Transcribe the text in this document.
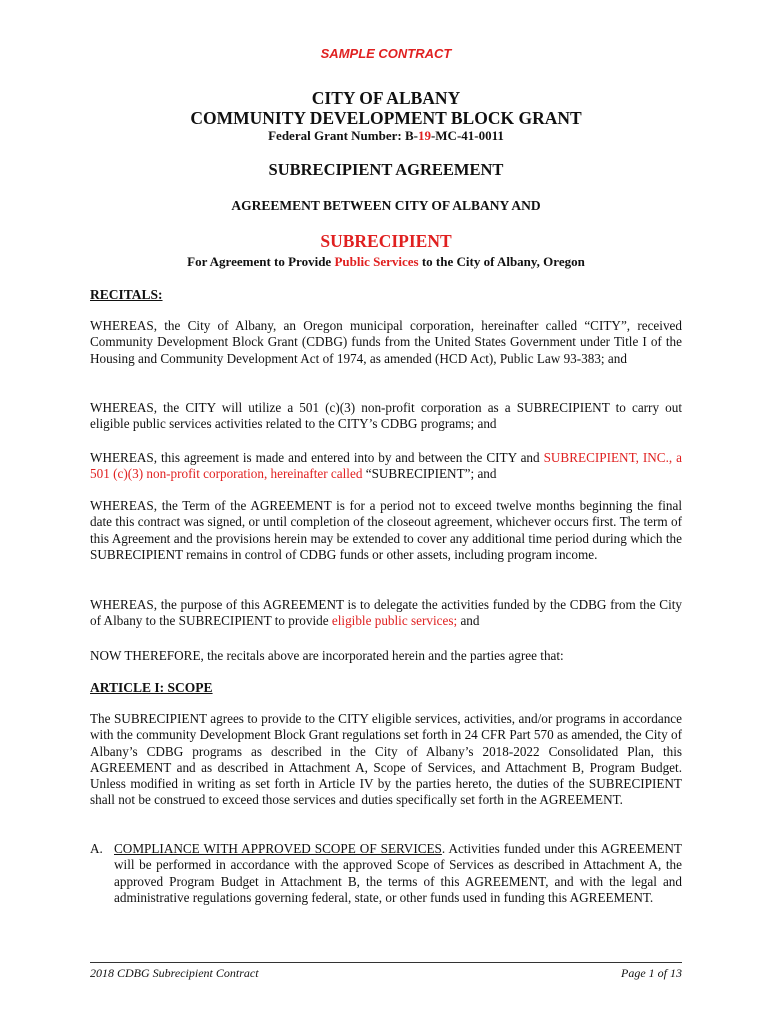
SAMPLE CONTRACT
CITY OF ALBANY
COMMUNITY DEVELOPMENT BLOCK GRANT
Federal Grant Number: B-19-MC-41-0011
SUBRECIPIENT AGREEMENT
AGREEMENT BETWEEN CITY OF ALBANY AND
SUBRECIPIENT
For Agreement to Provide Public Services to the City of Albany, Oregon
RECITALS:

WHEREAS, the City of Albany, an Oregon municipal corporation, hereinafter called “CITY”, received Community Development Block Grant (CDBG) funds from the United States Government under Title I of the Housing and Community Development Act of 1974, as amended (HCD Act), Public Law 93-383; and

WHEREAS, the CITY will utilize a 501 (c)(3) non-profit corporation as a SUBRECIPIENT to carry out eligible public services activities related to the CITY’s CDBG programs; and

WHEREAS, this agreement is made and entered into by and between the CITY and SUBRECIPIENT, INC., a 501 (c)(3) non-profit corporation, hereinafter called “SUBRECIPIENT”; and

WHEREAS, the Term of the AGREEMENT is for a period not to exceed twelve months beginning the final date this contract was signed, or until completion of the closeout agreement, whichever occurs first. The term of this Agreement and the provisions herein may be extended to cover any additional time period during which the SUBRECIPIENT remains in control of CDBG funds or other assets, including program income.

WHEREAS, the purpose of this AGREEMENT is to delegate the activities funded by the CDBG from the City of Albany to the SUBRECIPIENT to provide eligible public services; and

NOW THEREFORE, the recitals above are incorporated herein and the parties agree that:

ARTICLE I: SCOPE

The SUBRECIPIENT agrees to provide to the CITY eligible services, activities, and/or programs in accordance with the community Development Block Grant regulations set forth in 24 CFR Part 570 as amended, the City of Albany’s CDBG programs as described in the City of Albany’s 2018-2022 Consolidated Plan, this AGREEMENT and as described in Attachment A, Scope of Services, and Attachment B, Program Budget. Unless modified in writing as set forth in Article IV by the parties hereto, the duties of the SUBRECIPIENT shall not be construed to exceed those services and duties specifically set forth in the AGREEMENT.

A. COMPLIANCE WITH APPROVED SCOPE OF SERVICES. Activities funded under this AGREEMENT will be performed in accordance with the approved Scope of Services as described in Attachment A, the approved Program Budget in Attachment B, the terms of this AGREEMENT, and with the legal and administrative regulations governing federal, state, or other funds used in funding this AGREEMENT.
2018 CDBG Subrecipient Contract	Page 1 of 13
